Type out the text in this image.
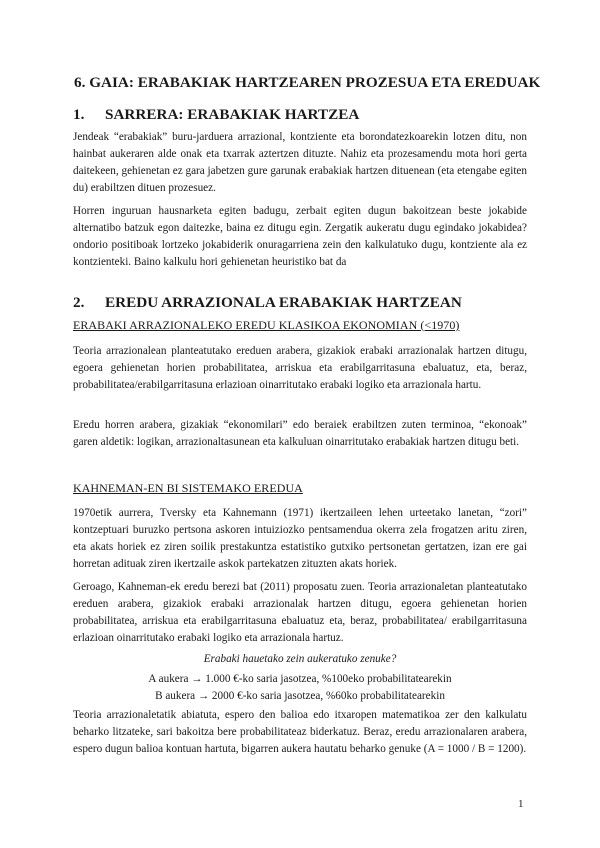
6. GAIA: ERABAKIAK HARTZEAREN PROZESUA ETA EREDUAK
1. SARRERA: ERABAKIAK HARTZEA
Jendeak “erabakiak” buru-jarduera arrazional, kontziente eta borondatezkoarekin lotzen ditu, non hainbat aukeraren alde onak eta txarrak aztertzen dituzte. Nahiz eta prozesamendu mota hori gerta daitekeen, gehienetan ez gara jabetzen gure garunak erabakiak hartzen dituenean (eta etengabe egiten du) erabiltzen dituen prozesuez.
Horren inguruan hausnarketa egiten badugu, zerbait egiten dugun bakoitzean beste jokabide alternatibo batzuk egon daitezke, baina ez ditugu egin. Zergatik aukeratu dugu egindako jokabidea? ondorio positiboak lortzeko jokabiderik onuragarriena zein den kalkulatuko dugu, kontziente ala ez kontzienteki. Baino kalkulu hori gehienetan heuristiko bat da
2. EREDU ARRAZIONALA ERABAKIAK HARTZEAN
ERABAKI ARRAZIONALEKO EREDU KLASIKOA EKONOMIAN (<1970)
Teoria arrazionalean planteatutako ereduen arabera, gizakiok erabaki arrazionalak hartzen ditugu, egoera gehienetan horien probabilitatea, arriskua eta erabilgarritasuna ebaluatuz, eta, beraz, probabilitatea/erabilgarritasuna erlazioan oinarritutako erabaki logiko eta arrazionala hartu.
Eredu horren arabera, gizakiak “ekonomilari” edo beraiek erabiltzen zuten terminoa, “ekonoak” garen aldetik: logikan, arrazionaltasunean eta kalkuluan oinarritutako erabakiak hartzen ditugu beti.
KAHNEMAN-EN BI SISTEMAKO EREDUA
1970etik aurrera, Tversky eta Kahnemann (1971) ikertzaileen lehen urteetako lanetan, “zori” kontzeptuari buruzko pertsona askoren intuiziozko pentsamendua okerra zela frogatzen aritu ziren, eta akats horiek ez ziren soilik prestakuntza estatistiko gutxiko pertsonetan gertatzen, izan ere gai horretan adituak ziren ikertzaile askok partekatzen zituzten akats horiek.
Geroago, Kahneman-ek eredu berezi bat (2011) proposatu zuen. Teoria arrazionaletan planteatutako ereduen arabera, gizakiok erabaki arrazionalak hartzen ditugu, egoera gehienetan horien probabilitatea, arriskua eta erabilgarritasuna ebaluatuz eta, beraz, probabilitatea/ erabilgarritasuna erlazioan oinarritutako erabaki logiko eta arrazionala hartuz.
Erabaki hauetako zein aukeratuko zenuke?
A aukera → 1.000 €-ko saria jasotzea, %100eko probabilitatearekin
B aukera → 2000 €-ko saria jasotzea, %60ko probabilitatearekin
Teoria arrazionaletatik abiatuta, espero den balioa edo itxaropen matematikoa zer den kalkulatu beharko litzateke, sari bakoitza bere probabilitateaz biderkatuz. Beraz, eredu arrazionalaren arabera, espero dugun balioa kontuan hartuta, bigarren aukera hautatu beharko genuke (A = 1000 / B = 1200).
1
